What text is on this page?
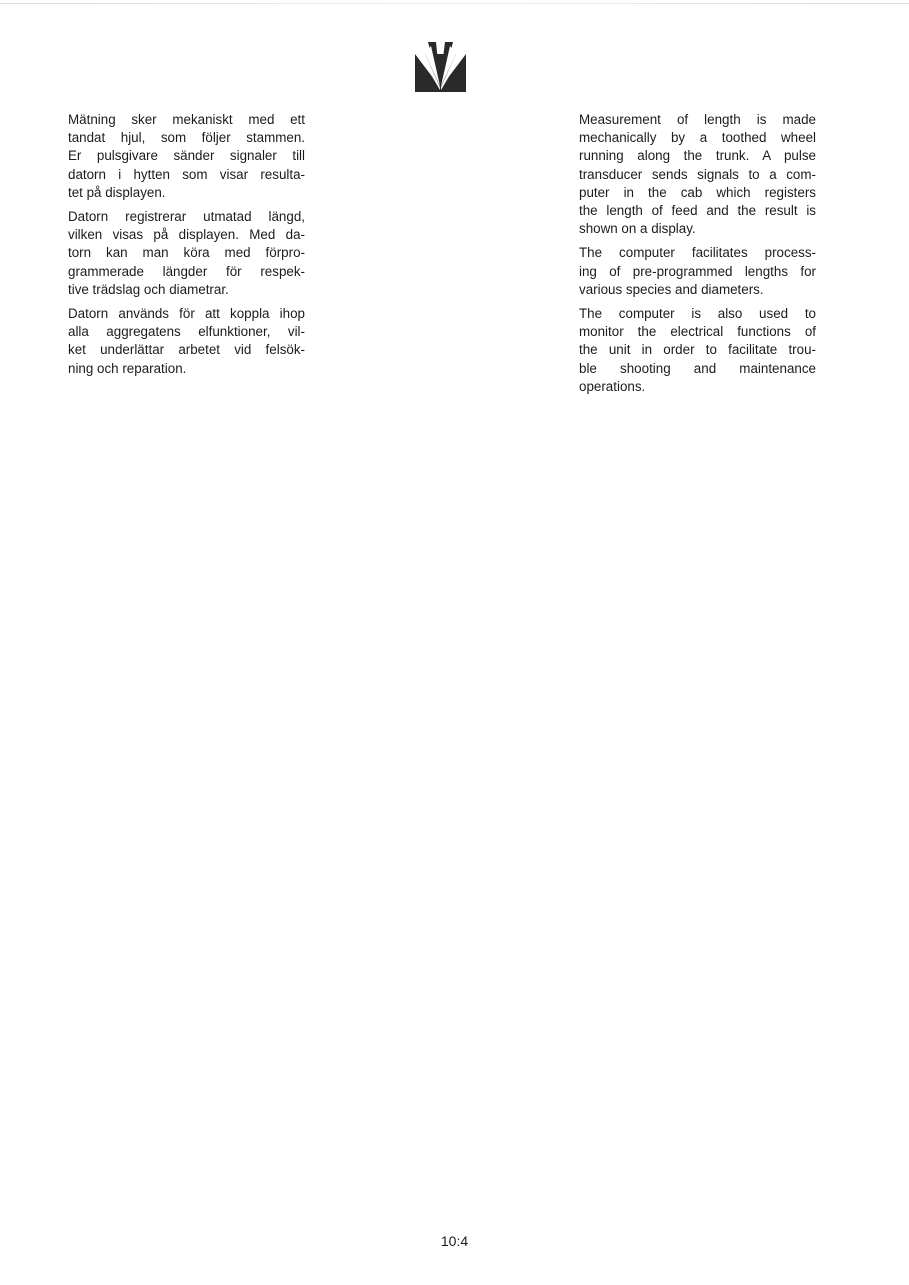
Mätning sker mekaniskt med ett
tandat hjul, som följer stammen.
Er pulsgivare sänder signaler till
datorn i hytten som visar resulta-
tet på displayen.
Datorn registrerar utmatad längd,
vilken visas på displayen. Med da-
torn kan man köra med förpro-
grammerade längder för respek-
tive trädslag och diametrar.
Datorn används för att koppla ihop
alla aggregatens elfunktioner, vil-
ket underlättar arbetet vid felsök-
ning och reparation.
Measurement of length is made
mechanically by a toothed wheel
running along the trunk. A pulse
transducer sends signals to a com-
puter in the cab which registers
the length of feed and the result is
shown on a display.
The computer facilitates process-
ing of pre-programmed lengths for
various species and diameters.
The computer is also used to
monitor the electrical functions of
the unit in order to facilitate trou-
ble shooting and maintenance
operations.
10:4
